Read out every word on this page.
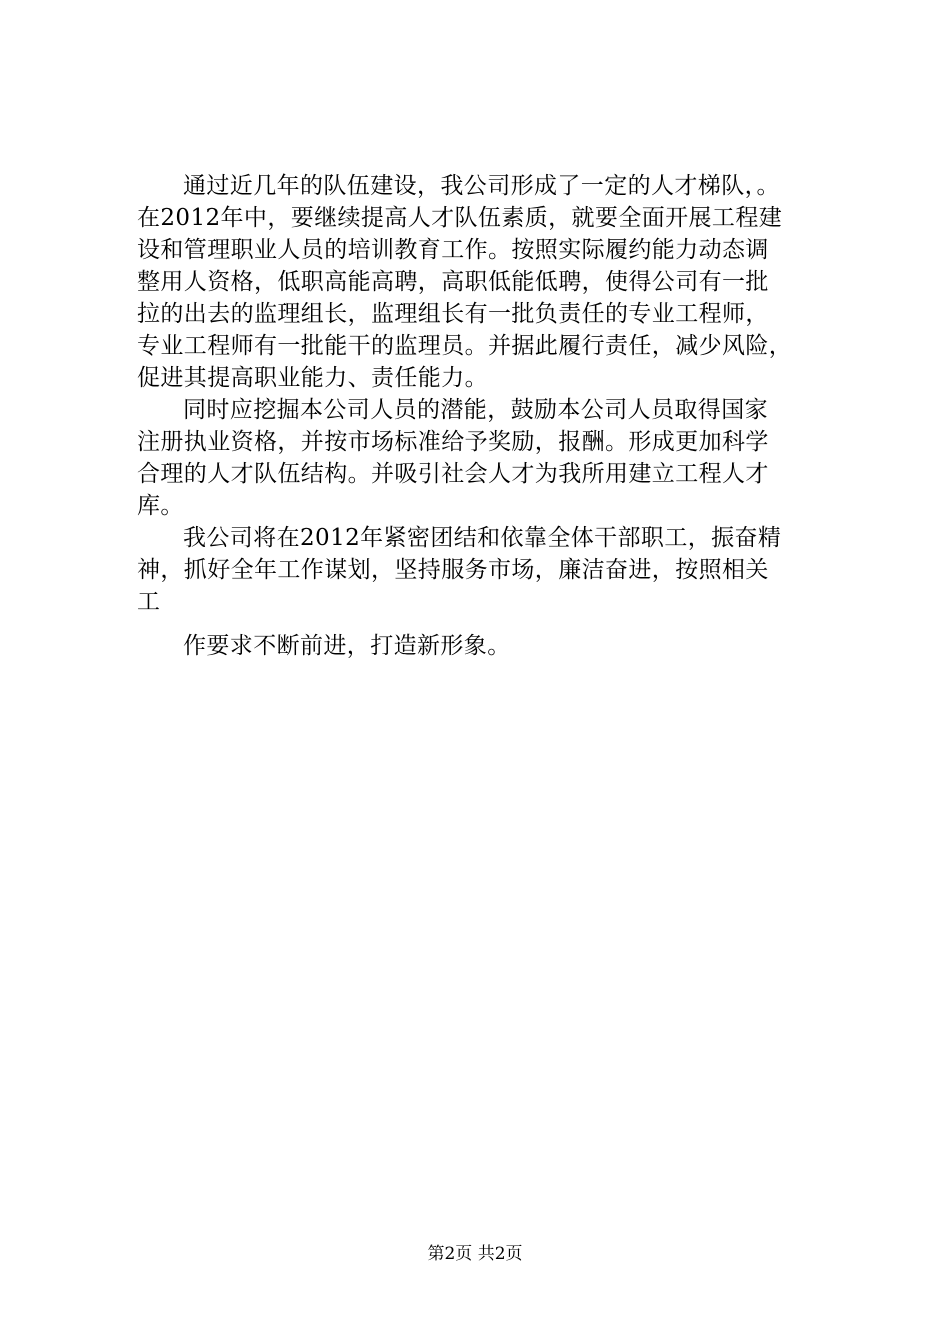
通过近几年的队伍建设，我公司形成了一定的人才梯队，。
在2012年中，要继续提高人才队伍素质，就要全面开展工程建
设和管理职业人员的培训教育工作。按照实际履约能力动态调
整用人资格，低职高能高聘，高职低能低聘，使得公司有一批
拉的出去的监理组长，监理组长有一批负责任的专业工程师，
专业工程师有一批能干的监理员。并据此履行责任，减少风险，
促进其提高职业能力、责任能力。
同时应挖掘本公司人员的潜能，鼓励本公司人员取得国家
注册执业资格，并按市场标准给予奖励，报酬。形成更加科学
合理的人才队伍结构。并吸引社会人才为我所用建立工程人才
库。
我公司将在2012年紧密团结和依靠全体干部职工，振奋精
神，抓好全年工作谋划，坚持服务市场，廉洁奋进，按照相关
工
作要求不断前进，打造新形象。
第2页 共2页
